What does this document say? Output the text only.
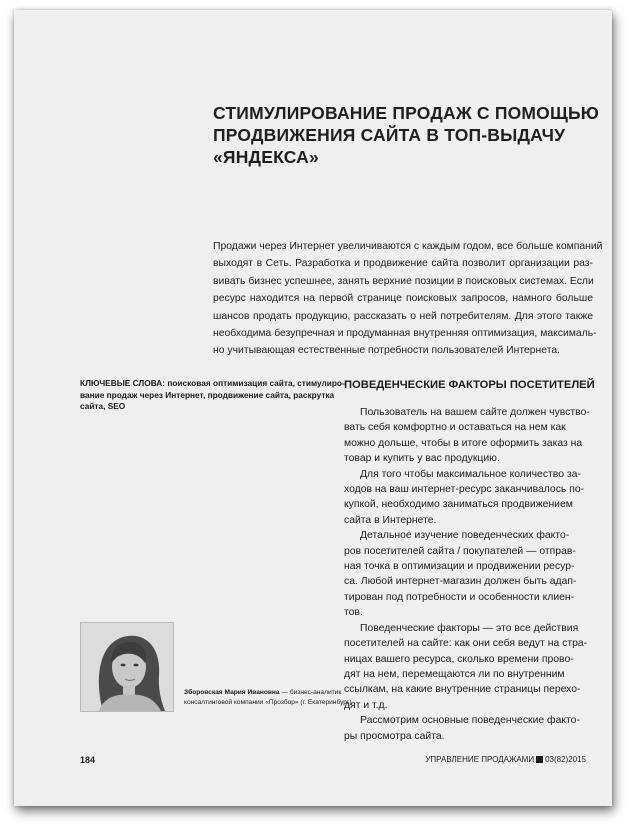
СТИМУЛИРОВАНИЕ ПРОДАЖ С ПОМОЩЬЮ
ПРОДВИЖЕНИЯ САЙТА В ТОП-ВЫДАЧУ
«ЯНДЕКСА»
Продажи через Интернет увеличиваются с каждым годом, все больше компаний
выходят в Сеть. Разработка и продвижение сайта позволит организации раз-
вивать бизнес успешнее, занять верхние позиции в поисковых системах. Если
ресурс находится на первой странице поисковых запросов, намного больше
шансов продать продукцию, рассказать о ней потребителям. Для этого также
необходима безупречная и продуманная внутренняя оптимизация, максималь-
но учитывающая естественные потребности пользователей Интернета.
КЛЮЧЕВЫЕ СЛОВА: поисковая оптимизация сайта, стимулиро-
вание продаж через Интернет, продвижение сайта, раскрутка
сайта, SEO
ПОВЕДЕНЧЕСКИЕ ФАКТОРЫ ПОСЕТИТЕЛЕЙ
Пользователь на вашем сайте должен чувство-
вать себя комфортно и оставаться на нем как
можно дольше, чтобы в итоге оформить заказ на
товар и купить у вас продукцию.
Для того чтобы максимальное количество за-
ходов на ваш интернет-ресурс заканчивалось по-
купкой, необходимо заниматься продвижением
сайта в Интернете.
Детальное изучение поведенческих факто-
ров посетителей сайта / покупателей — отправ-
ная точка в оптимизации и продвижении ресур-
са. Любой интернет-магазин должен быть адап-
тирован под потребности и особенности клиен-
тов.
Поведенческие факторы — это все действия
посетителей на сайте: как они себя ведут на стра-
ницах вашего ресурса, сколько времени прово-
дят на нем, перемещаются ли по внутренним
ссылкам, на какие внутренние страницы перехо-
дят и т.д.
Рассмотрим основные поведенческие факто-
ры просмотра сайта.
Зборовская Мария Ивановна — бизнес-аналитик
консалтинговой компании «Прозбор» (г. Екатеринбург)
184	УПРАВЛЕНИЕ ПРОДАЖАМИ 03(82)2015
